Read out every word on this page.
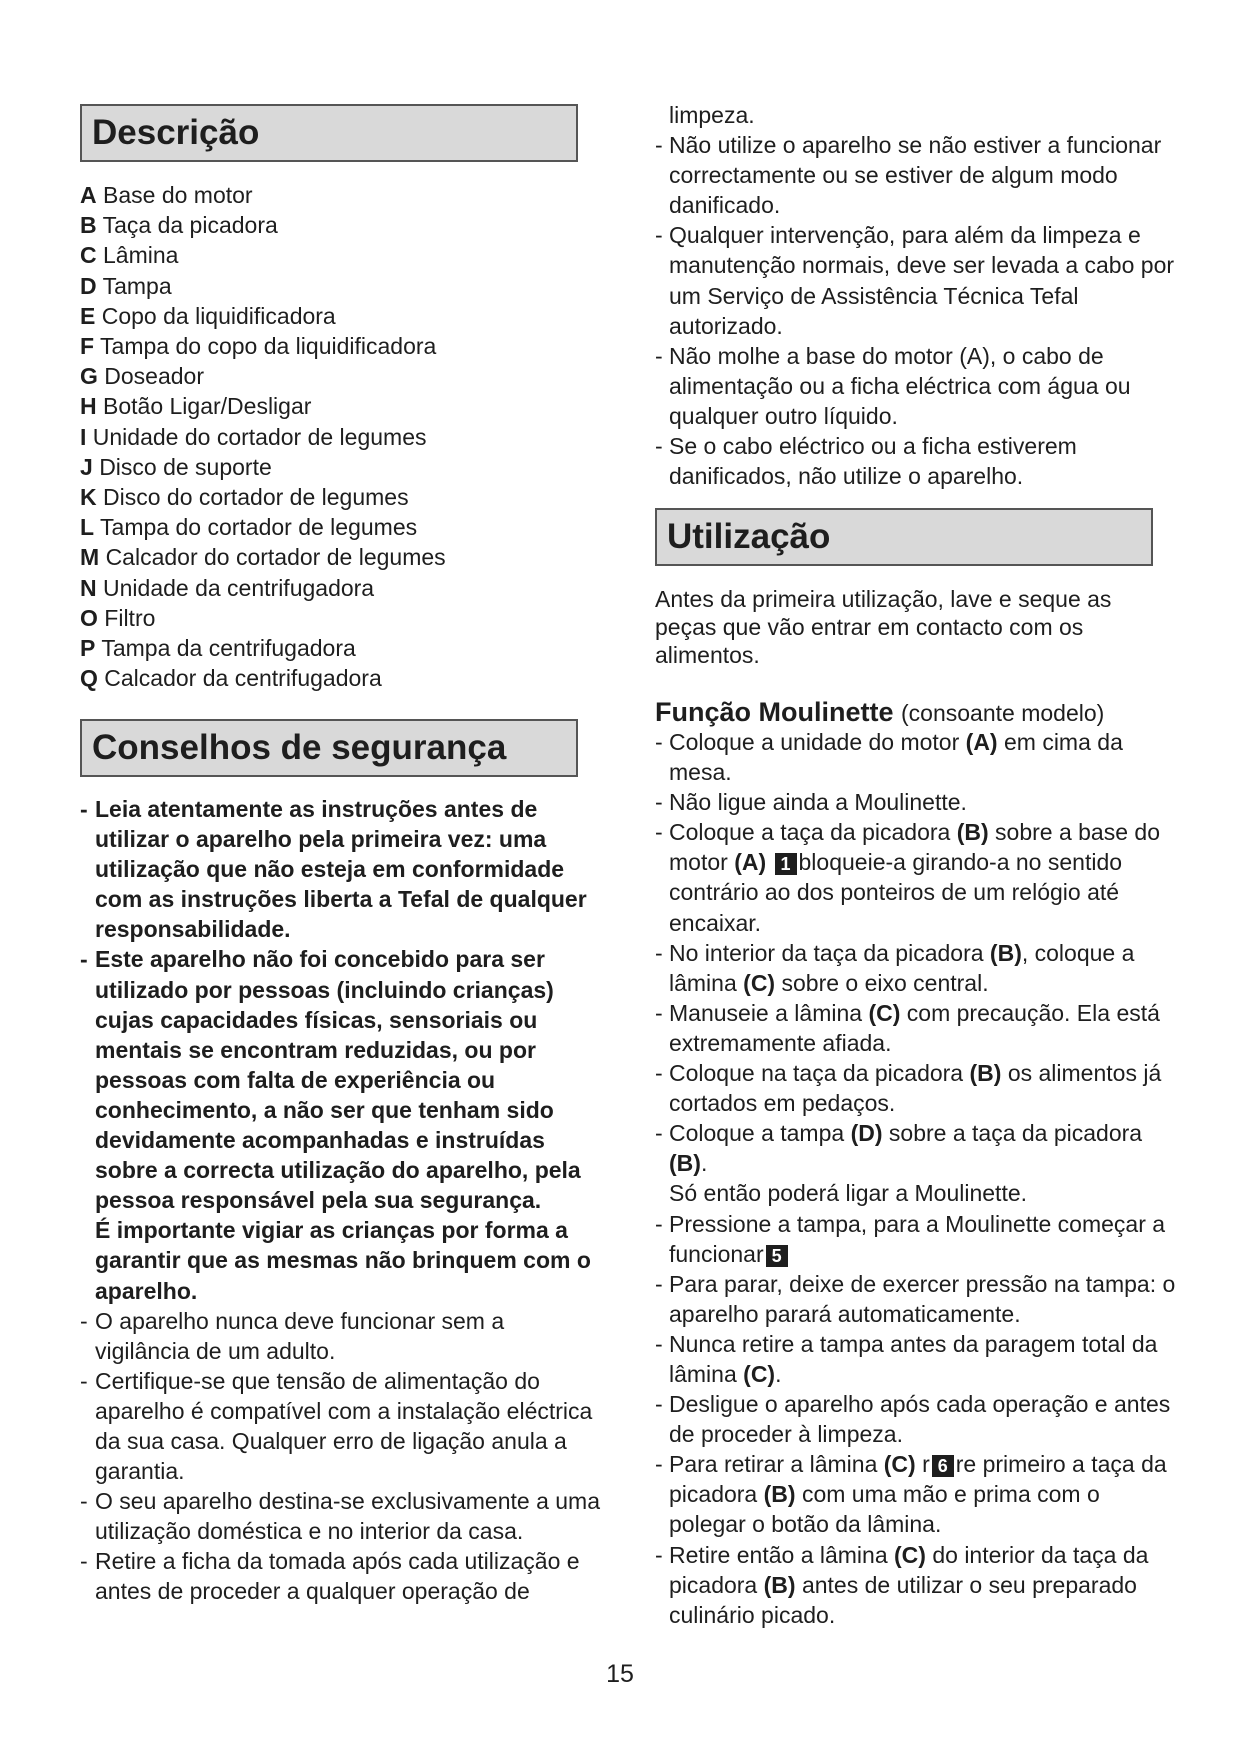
Descrição
A Base do motor
B Taça da picadora
C Lâmina
D Tampa
E Copo da liquidificadora
F Tampa do copo da liquidificadora
G Doseador
H Botão Ligar/Desligar
I Unidade do cortador de legumes
J Disco de suporte
K Disco do cortador de legumes
L Tampa do cortador de legumes
M Calcador do cortador de legumes
N Unidade da centrifugadora
O Filtro
P Tampa da centrifugadora
Q Calcador da centrifugadora
Conselhos de segurança
- Leia atentamente as instruções antes de utilizar o aparelho pela primeira vez: uma utilização que não esteja em conformidade com as instruções liberta a Tefal de qualquer responsabilidade.
- Este aparelho não foi concebido para ser utilizado por pessoas (incluindo crianças) cujas capacidades físicas, sensoriais ou mentais se encontram reduzidas, ou por pessoas com falta de experiência ou conhecimento, a não ser que tenham sido devidamente acompanhadas e instruídas sobre a correcta utilização do aparelho, pela pessoa responsável pela sua segurança.
É importante vigiar as crianças por forma a garantir que as mesmas não brinquem com o aparelho.
- O aparelho nunca deve funcionar sem a vigilância de um adulto.
- Certifique-se que tensão de alimentação do aparelho é compatível com a instalação eléctrica da sua casa. Qualquer erro de ligação anula a garantia.
- O seu aparelho destina-se exclusivamente a uma utilização doméstica e no interior da casa.
- Retire a ficha da tomada após cada utilização e antes de proceder a qualquer operação de
limpeza.
- Não utilize o aparelho se não estiver a funcionar correctamente ou se estiver de algum modo danificado.
- Qualquer intervenção, para além da limpeza e manutenção normais, deve ser levada a cabo por um Serviço de Assistência Técnica Tefal autorizado.
- Não molhe a base do motor (A), o cabo de alimentação ou a ficha eléctrica com água ou qualquer outro líquido.
- Se o cabo eléctrico ou a ficha estiverem danificados, não utilize o aparelho.
Utilização
Antes da primeira utilização, lave e seque as peças que vão entrar em contacto com os alimentos.
Função Moulinette (consoante modelo)
- Coloque a unidade do motor (A) em cima da mesa.
- Não ligue ainda a Moulinette.
- Coloque a taça da picadora (B) sobre a base do motor (A) 1 bloqueie-a girando-a no sentido contrário ao dos ponteiros de um relógio até encaixar.
- No interior da taça da picadora (B), coloque a lâmina (C) sobre o eixo central.
- Manuseie a lâmina (C) com precaução. Ela está extremamente afiada.
- Coloque na taça da picadora (B) os alimentos já cortados em pedaços.
- Coloque a tampa (D) sobre a taça da picadora (B).
Só então poderá ligar a Moulinette.
- Pressione a tampa, para a Moulinette começar a funcionar 5
- Para parar, deixe de exercer pressão na tampa: o aparelho parará automaticamente.
- Nunca retire a tampa antes da paragem total da lâmina (C).
- Desligue o aparelho após cada operação e antes de proceder à limpeza.
- Para retirar a lâmina (C) r 6 re primeiro a taça da picadora (B) com uma mão e prima com o polegar o botão da lâmina.
- Retire então a lâmina (C) do interior da taça da picadora (B) antes de utilizar o seu preparado culinário picado.
15
